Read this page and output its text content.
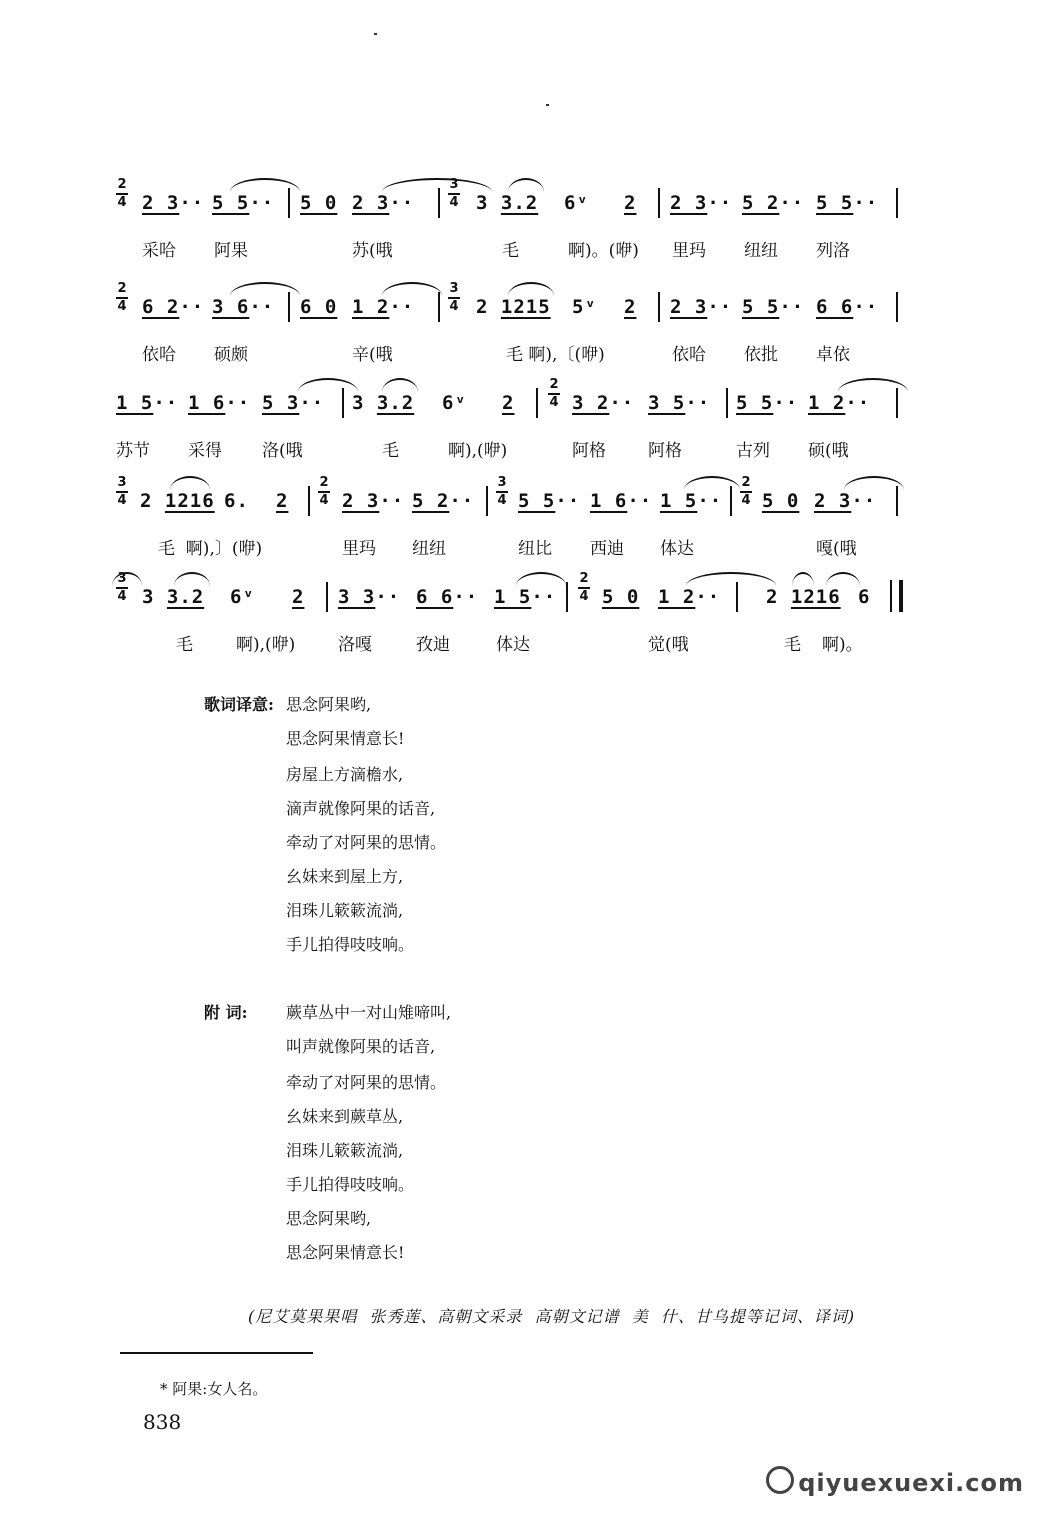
2
4 2 3·· 5 5·· 5 0 2 3··
3
4 3 3.2 6ᵛ 2 2 3·· 5 2·· 5 5··
采哈 阿果	苏(哦	毛	啊)。(咿) 里玛 纽纽 列洛
2
4 6 2·· 3 6·· 6 0 1 2··
3
4 2 1215 5ᵛ 2 2 3·· 5 5·· 6 6··
依哈 硕颇	辛(哦	毛 啊),〔(咿)	依哈 依批 卓依
1 5·· 1 6·· 5 3·· 3 3.2 6ᵛ 2
2
4 3 2·· 3 5·· 5 5·· 1 2··
苏节 采得 洛(哦	毛	啊),(咿)	阿格 阿格	古列 硕(哦
3
4 2 1216 6. 2
2
4 2 3·· 5 2··
3
4 5 5·· 1 6·· 1 5··
2
4 5 0 2 3··
毛  啊),〕(咿)	里玛 纽纽	纽比 西迪 体达	嘎(哦
3
4 3 3.2 6ᵛ 2 3 3·· 6 6·· 1 5··
2
4 5 0 1 2·· 2 1216 6
毛	啊),(咿)	洛嘎	孜迪	体达	觉(哦	毛 啊)。
歌词译意: 思念阿果哟,
思念阿果情意长!
房屋上方滴檐水,
滴声就像阿果的话音,
牵动了对阿果的思情。
幺妹来到屋上方,
泪珠儿簌簌流淌,
手儿拍得吱吱响。
附 词: 蕨草丛中一对山雉啼叫,
叫声就像阿果的话音,
牵动了对阿果的思情。
幺妹来到蕨草丛,
泪珠儿簌簌流淌,
手儿拍得吱吱响。
思念阿果哟,
思念阿果情意长!
(尼艾莫果果唱  张秀莲、高朝文采录  高朝文记谱  美  什、甘乌提等记词、译词)
* 阿果:女人名。
838
qiyuexuexi.com
